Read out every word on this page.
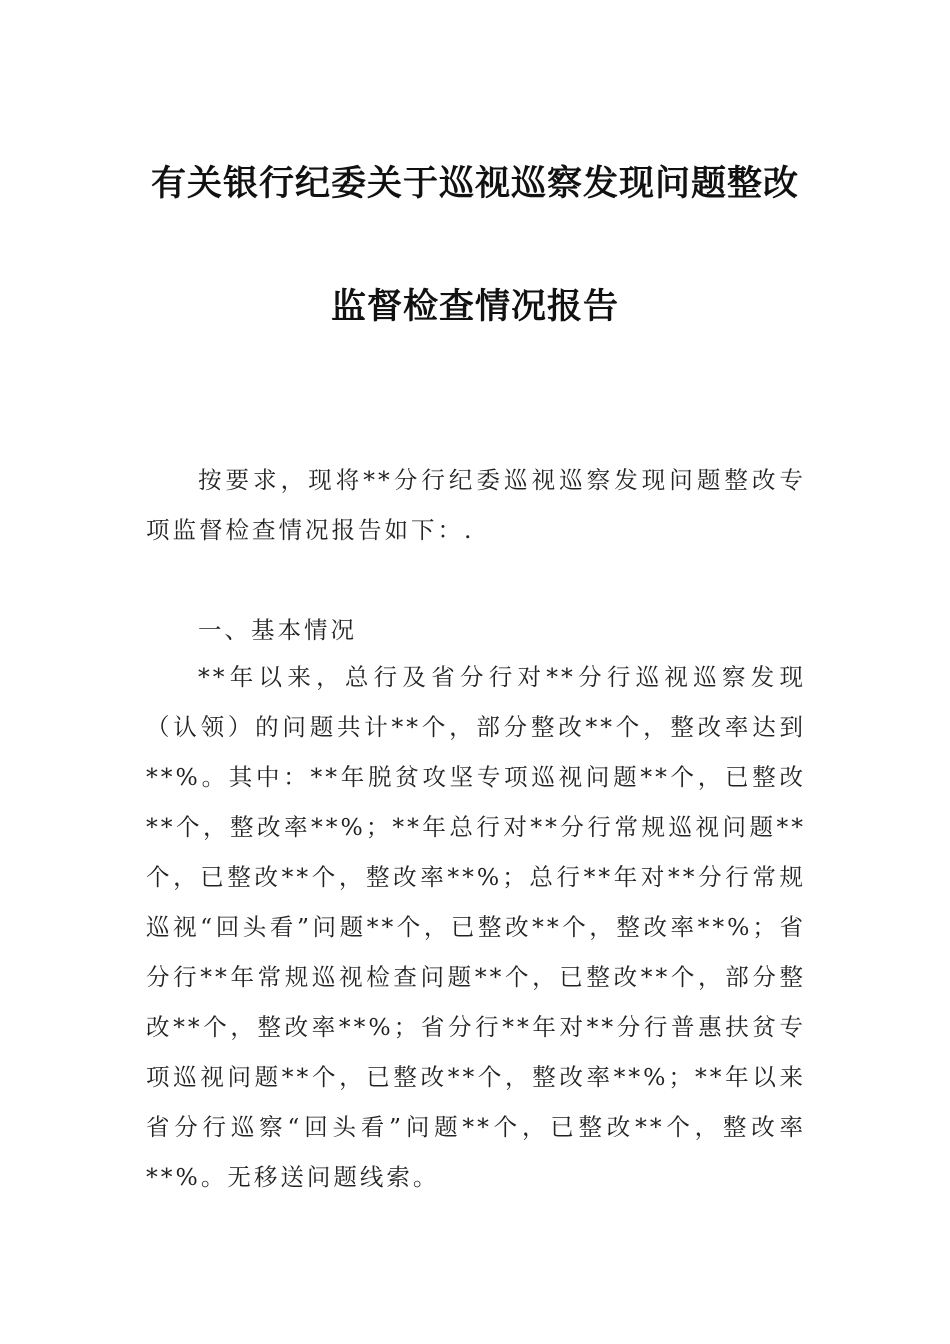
有关银行纪委关于巡视巡察发现问题整改
监督检查情况报告

按要求，现将**分行纪委巡视巡察发现问题整改专项监督检查情况报告如下：.

一、基本情况

**年以来，总行及省分行对**分行巡视巡察发现（认领）的问题共计**个，部分整改**个，整改率达到**%。其中：**年脱贫攻坚专项巡视问题**个，已整改**个，整改率**%；**年总行对**分行常规巡视问题**个，已整改**个，整改率**%；总行**年对**分行常规巡视“回头看”问题**个，已整改**个，整改率**%；省分行**年常规巡视检查问题**个，已整改**个，部分整改**个，整改率**%；省分行**年对**分行普惠扶贫专项巡视问题**个，已整改**个，整改率**%；**年以来省分行巡察“回头看”问题**个，已整改**个，整改率**%。无移送问题线索。
